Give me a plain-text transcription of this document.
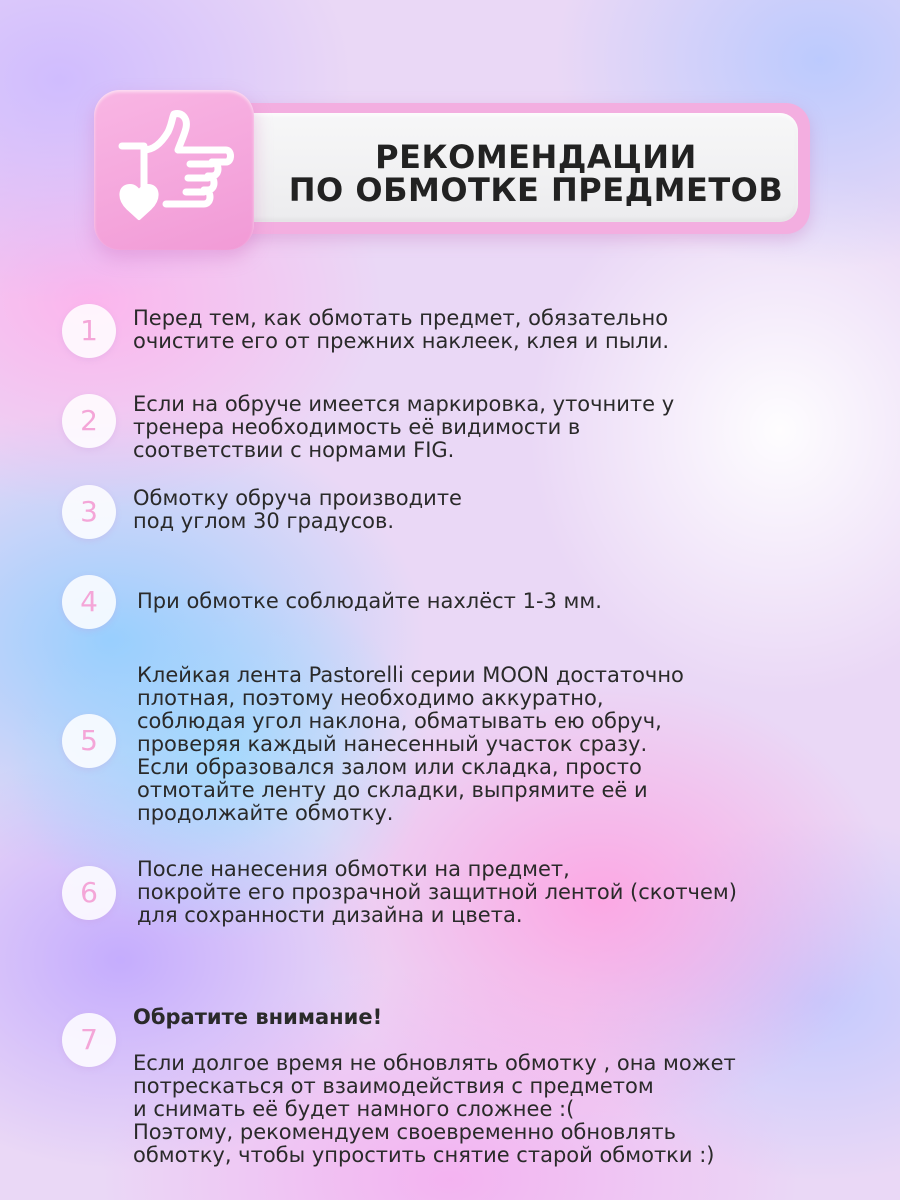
РЕКОМЕНДАЦИИ
ПО ОБМОТКЕ ПРЕДМЕТОВ
1	Перед тем, как обмотать предмет, обязательно
очистите его от прежних наклеек, клея и пыли.
2	Если на обруче имеется маркировка, уточните у
тренера необходимость её видимости в
соответствии с нормами FIG.
3	Обмотку обруча производите
под углом 30 градусов.
4	При обмотке соблюдайте нахлёст 1-3 мм.
5
Клейкая лента Pastorelli серии MOON достаточно
плотная, поэтому необходимо аккуратно,
соблюдая угол наклона, обматывать ею обруч,
проверяя каждый нанесенный участок сразу.
Если образовался залом или складка, просто
отмотайте ленту до складки, выпрямите её и
продолжайте обмотку.
6
После нанесения обмотки на предмет,
покройте его прозрачной защитной лентой (скотчем)
для сохранности дизайна и цвета.
7

Обратите внимание!

Если долгое время не обновлять обмотку , она может
потрескаться от взаимодействия с предметом
и снимать её будет намного сложнее :(
Поэтому, рекомендуем своевременно обновлять
обмотку, чтобы упростить снятие старой обмотки :)
